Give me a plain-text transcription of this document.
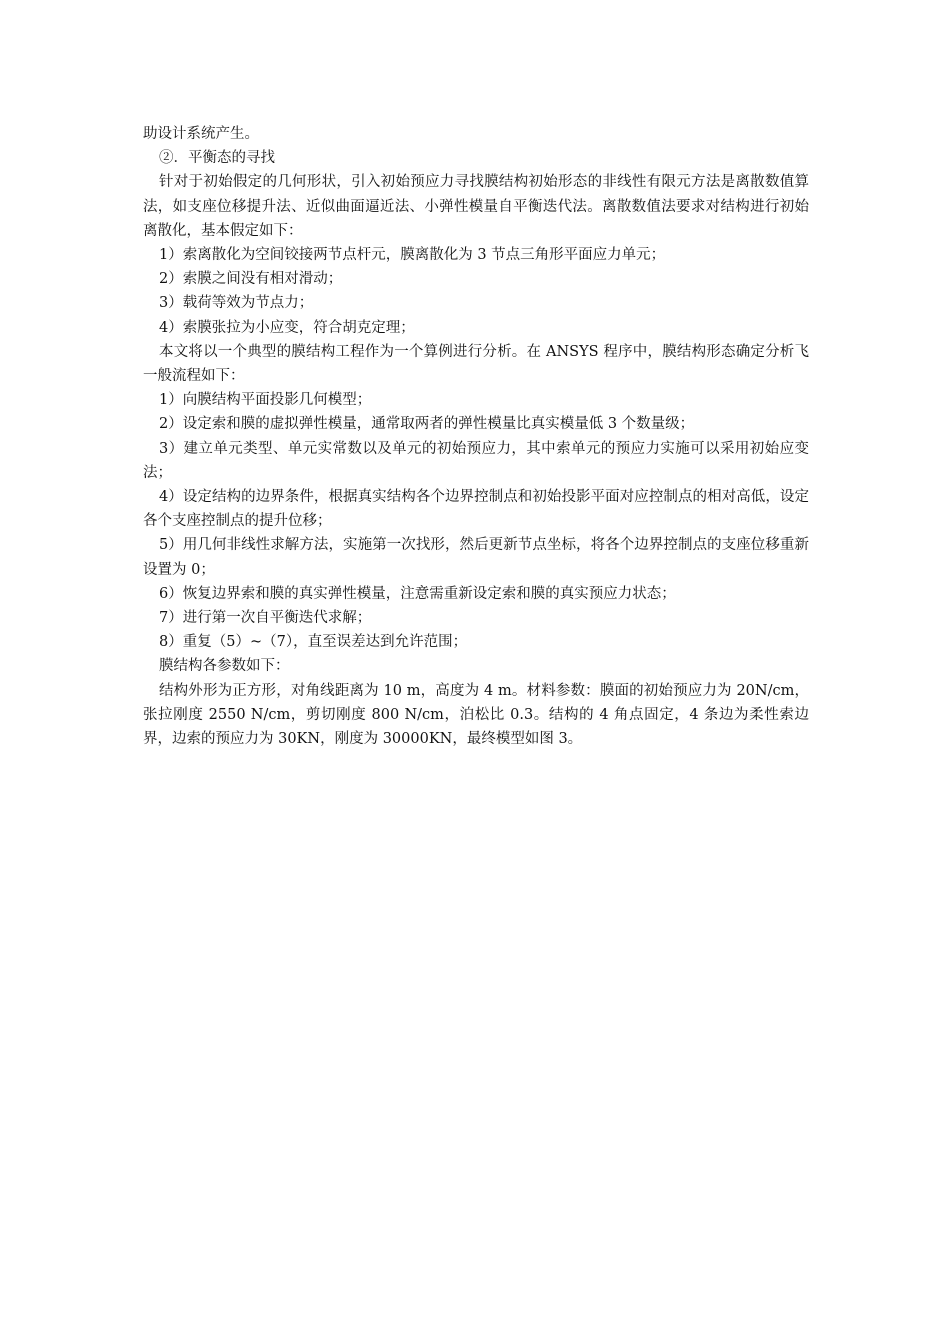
助设计系统产生。

②．平衡态的寻找

针对于初始假定的几何形状，引入初始预应力寻找膜结构初始形态的非线性有限元方法是离散数值算法，如支座位移提升法、近似曲面逼近法、小弹性模量自平衡迭代法。离散数值法要求对结构进行初始离散化，基本假定如下：

1）索离散化为空间铰接两节点杆元，膜离散化为 3 节点三角形平面应力单元；

2）索膜之间没有相对滑动；

3）载荷等效为节点力；

4）索膜张拉为小应变，符合胡克定理；

本文将以一个典型的膜结构工程作为一个算例进行分析。在 ANSYS 程序中，膜结构形态确定分析飞一般流程如下：

1）向膜结构平面投影几何模型；

2）设定索和膜的虚拟弹性模量，通常取两者的弹性模量比真实模量低 3 个数量级；

3）建立单元类型、单元实常数以及单元的初始预应力，其中索单元的预应力实施可以采用初始应变法；

4）设定结构的边界条件，根据真实结构各个边界控制点和初始投影平面对应控制点的相对高低，设定各个支座控制点的提升位移；

5）用几何非线性求解方法，实施第一次找形，然后更新节点坐标，将各个边界控制点的支座位移重新设置为 0；

6）恢复边界索和膜的真实弹性模量，注意需重新设定索和膜的真实预应力状态；

7）进行第一次自平衡迭代求解；

8）重复（5）~（7），直至误差达到允许范围；

膜结构各参数如下：

结构外形为正方形，对角线距离为 10 m，高度为 4 m。材料参数：膜面的初始预应力为 20N/cm，张拉刚度 2550 N/cm，剪切刚度 800 N/cm，泊松比 0.3。结构的 4 角点固定，4 条边为柔性索边界，边索的预应力为 30KN，刚度为 30000KN，最终模型如图 3。
